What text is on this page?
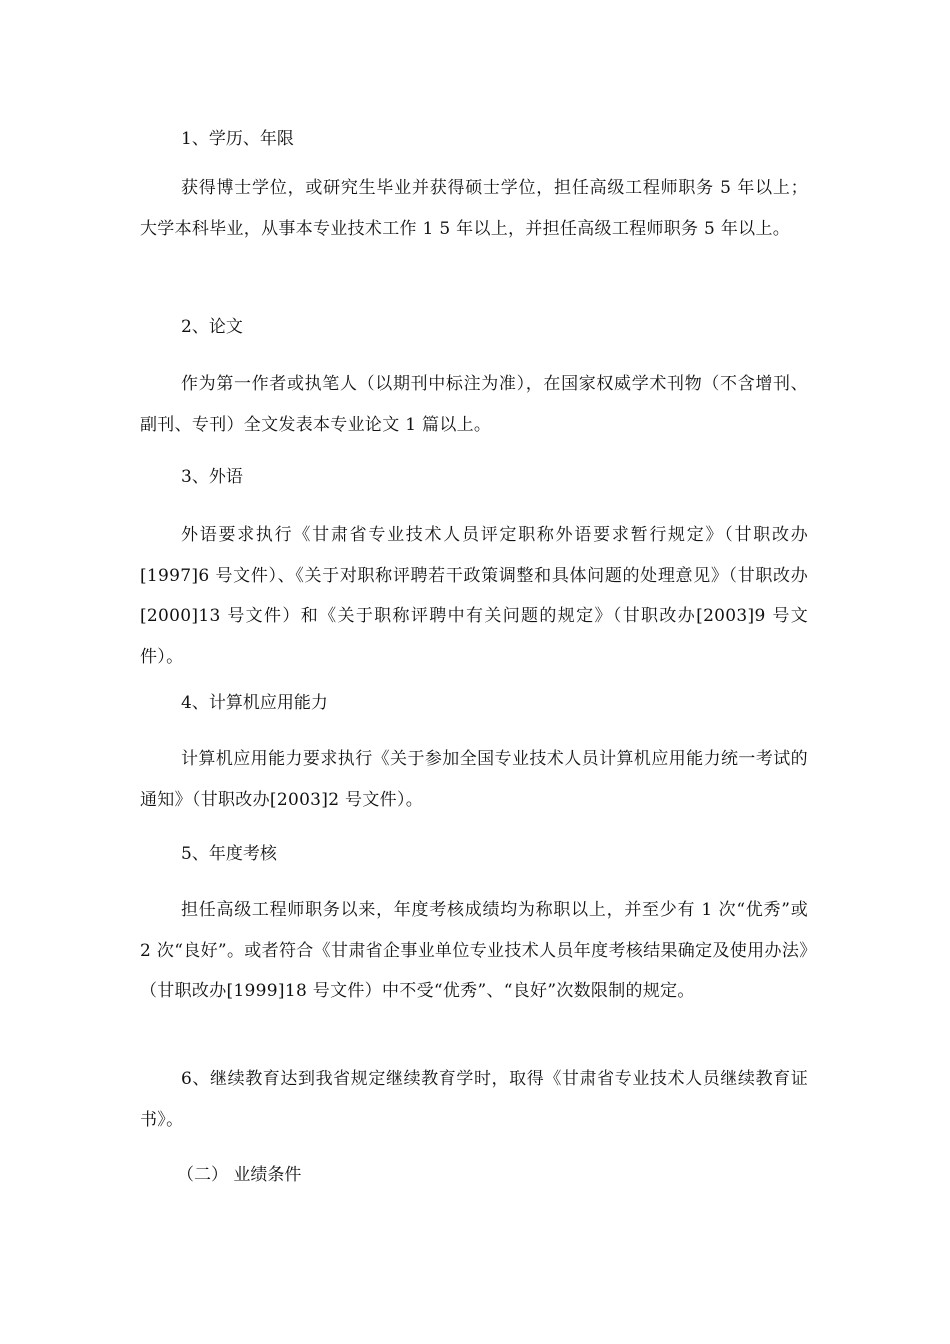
1、学历、年限
获得博士学位，或研究生毕业并获得硕士学位，担任高级工程师职务 5 年以上；大学本科毕业，从事本专业技术工作 1 5 年以上，并担任高级工程师职务 5 年以上。
2、论文
作为第一作者或执笔人（以期刊中标注为准），在国家权威学术刊物（不含增刊、副刊、专刊）全文发表本专业论文 1 篇以上。
3、外语
外语要求执行《甘肃省专业技术人员评定职称外语要求暂行规定》（甘职改办[1997]6 号文件）、《关于对职称评聘若干政策调整和具体问题的处理意见》（甘职改办[2000]13 号文件）和《关于职称评聘中有关问题的规定》（甘职改办[2003]9 号文件）。
4、计算机应用能力
计算机应用能力要求执行《关于参加全国专业技术人员计算机应用能力统一考试的通知》（甘职改办[2003]2 号文件）。
5、年度考核
担任高级工程师职务以来，年度考核成绩均为称职以上，并至少有 1 次“优秀”或 2 次“良好”。或者符合《甘肃省企事业单位专业技术人员年度考核结果确定及使用办法》（甘职改办[1999]18 号文件）中不受“优秀”、“良好”次数限制的规定。
6、继续教育达到我省规定继续教育学时，取得《甘肃省专业技术人员继续教育证书》。
（二） 业绩条件
